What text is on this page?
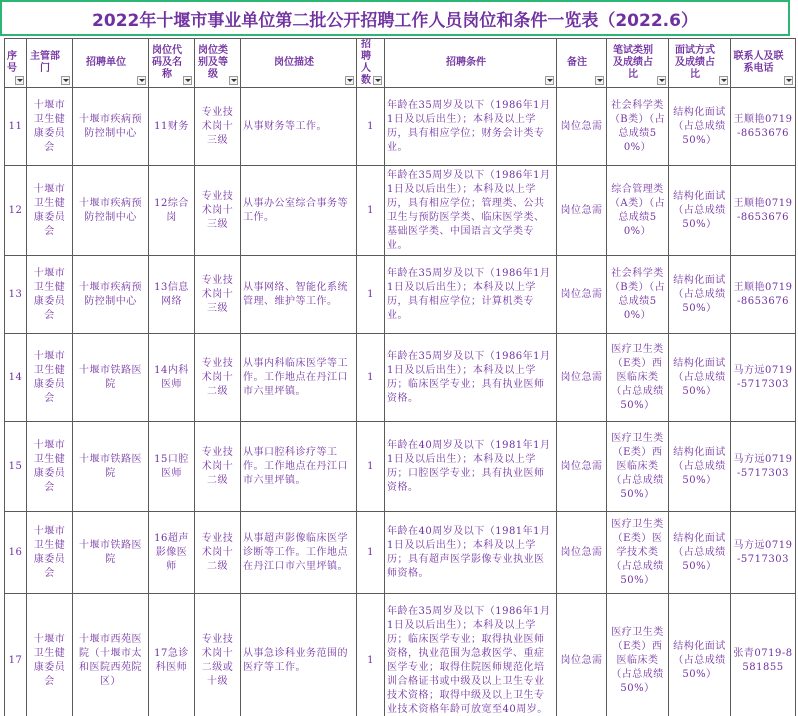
2022年十堰市事业单位第二批公开招聘工作人员岗位和条件一览表（2022.6）
序号	主管部门	招聘单位	岗位代码及名称	岗位类别及等级	岗位描述	招聘人数	招聘条件	备注	笔试类别及成绩占比	面试方式及成绩占比	联系人及联系电话

11	十堰市卫生健康委员会	十堰市疾病预防控制中心	11财务	专业技术岗十三级	从事财务等工作。	1	年龄在35周岁及以下（1986年1月1日及以后出生）；本科及以上学历，具有相应学位；财务会计类专业。	岗位急需	社会科学类（B类）（占总成绩50%）	结构化面试（占总成绩50%）	王顺艳0719-8653676

12	十堰市卫生健康委员会	十堰市疾病预防控制中心	12综合岗	专业技术岗十三级	从事办公室综合事务等工作。	1	年龄在35周岁及以下（1986年1月1日及以后出生）；本科及以上学历，具有相应学位；管理类、公共卫生与预防医学类、临床医学类、基础医学类、中国语言文学类专业。	岗位急需	综合管理类（A类）（占总成绩50%）	结构化面试（占总成绩50%）	王顺艳0719-8653676

13	十堰市卫生健康委员会	十堰市疾病预防控制中心	13信息网络	专业技术岗十三级	从事网络、智能化系统管理、维护等工作。	1	年龄在35周岁及以下（1986年1月1日及以后出生）；本科及以上学历，具有相应学位；计算机类专业。	岗位急需	社会科学类（B类）（占总成绩50%）	结构化面试（占总成绩50%）	王顺艳0719-8653676

14	十堰市卫生健康委员会	十堰市铁路医院	14内科医师	专业技术岗十二级	从事内科临床医学等工作。工作地点在丹江口市六里坪镇。	1	年龄在35周岁及以下（1986年1月1日及以后出生）；本科及以上学历；临床医学专业；具有执业医师资格。	岗位急需	医疗卫生类（E类）西医临床类（占总成绩50%）	结构化面试（占总成绩50%）	马方远0719-5717303

15	十堰市卫生健康委员会	十堰市铁路医院	15口腔医师	专业技术岗十二级	从事口腔科诊疗等工作。工作地点在丹江口市六里坪镇。	1	年龄在40周岁及以下（1981年1月1日及以后出生）；本科及以上学历；口腔医学专业；具有执业医师资格。	岗位急需	医疗卫生类（E类）西医临床类（占总成绩50%）	结构化面试（占总成绩50%）	马方远0719-5717303

16	十堰市卫生健康委员会	十堰市铁路医院	16超声影像医师	专业技术岗十二级	从事超声影像临床医学诊断等工作。工作地点在丹江口市六里坪镇。	1	年龄在40周岁及以下（1981年1月1日及以后出生）；本科及以上学历；具有超声医学影像专业执业医师资格。	岗位急需	医疗卫生类（E类）医学技术类（占总成绩50%）	结构化面试（占总成绩50%）	马方远0719-5717303

17	十堰市卫生健康委员会	十堰市西苑医院（十堰市太和医院西苑院区）	17急诊科医师	专业技术岗十二级或十级	从事急诊科业务范围的医疗等工作。	1	年龄在35周岁及以下（1986年1月1日及以后出生）；本科及以上学历；临床医学专业；取得执业医师资格，执业范围为急救医学、重症医学专业；取得住院医师规范化培训合格证书或中级及以上卫生专业技术资格；取得中级及以上卫生专业技术资格年龄可放宽至40周岁。	岗位急需	医疗卫生类（E类）西医临床类（占总成绩50%）	结构化面试（占总成绩50%）	张青0719-8581855
